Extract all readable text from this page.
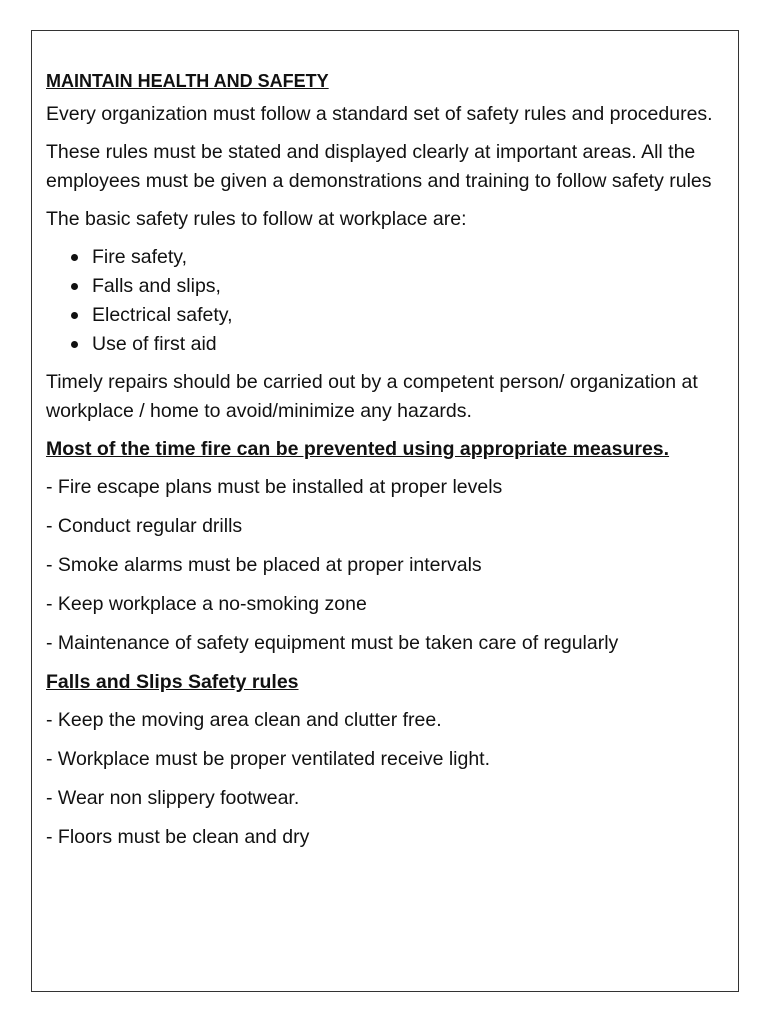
MAINTAIN HEALTH AND SAFETY

Every organization must follow a standard set of safety rules and procedures.

These rules must be stated and displayed clearly at important areas. All the employees must be given a demonstrations and training to follow safety rules

The basic safety rules to follow at workplace are:

Fire safety,
Falls and slips,
Electrical safety,
Use of first aid

Timely repairs should be carried out by a competent person/ organization at workplace / home to avoid/minimize any hazards.

Most of the time fire can be prevented using appropriate measures.
- Fire escape plans must be installed at proper levels
- Conduct regular drills
- Smoke alarms must be placed at proper intervals
- Keep workplace a no-smoking zone
- Maintenance of safety equipment must be taken care of regularly
Falls and Slips Safety rules
- Keep the moving area clean and clutter free.
- Workplace must be proper ventilated receive light.
- Wear non slippery footwear.
- Floors must be clean and dry
